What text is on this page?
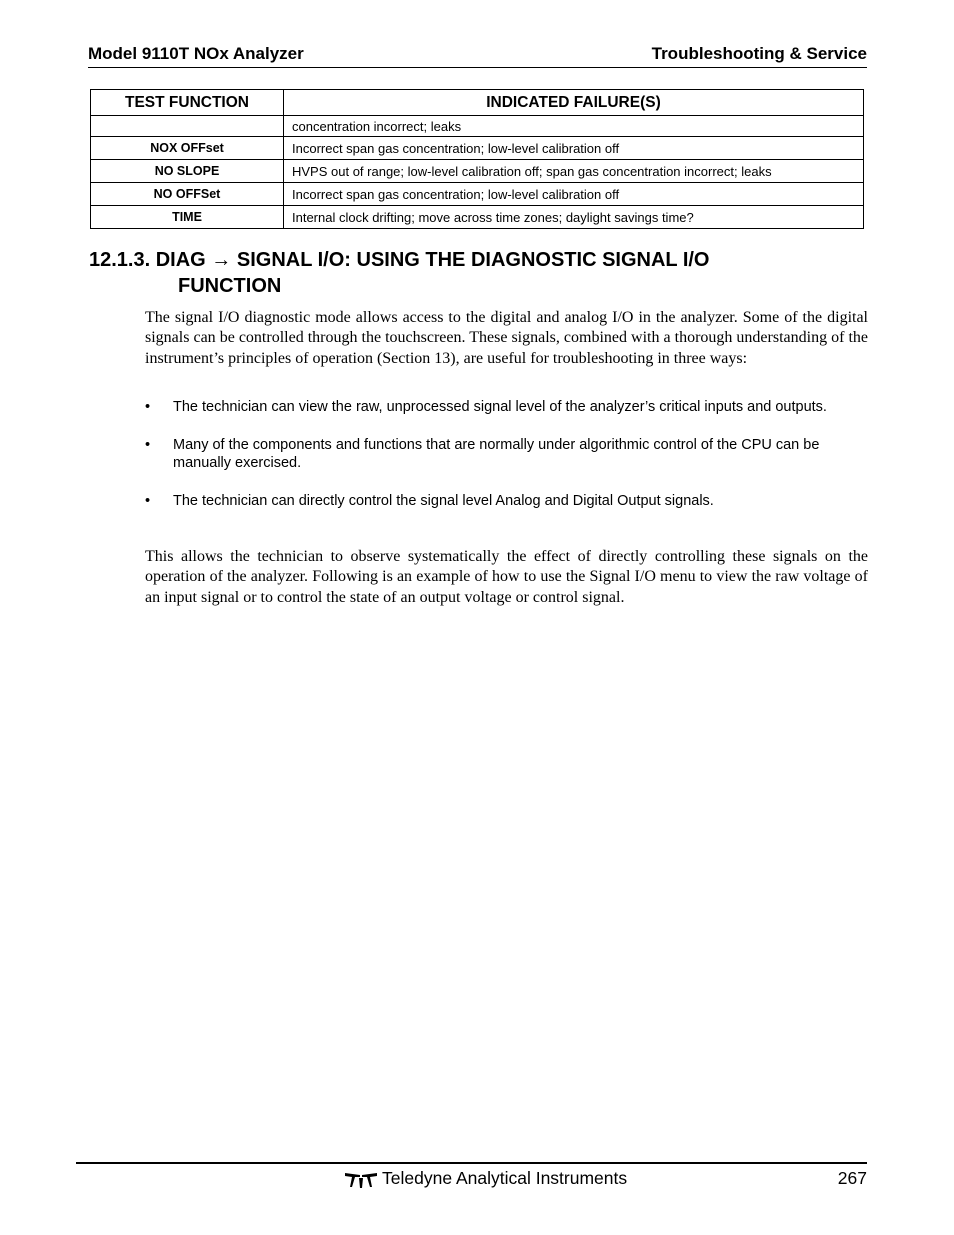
Model 9110T NOx Analyzer	Troubleshooting & Service
TEST FUNCTION	INDICATED FAILURE(S)
	concentration incorrect; leaks
NOX OFFset	Incorrect span gas concentration; low-level calibration off
NO SLOPE	HVPS out of range; low-level calibration off; span gas concentration incorrect; leaks
NO OFFSet	Incorrect span gas concentration; low-level calibration off
TIME	Internal clock drifting; move across time zones; daylight savings time?
12.1.3. DIAG → SIGNAL I/O: USING THE DIAGNOSTIC SIGNAL I/O
FUNCTION

The signal I/O diagnostic mode allows access to the digital and analog I/O in the analyzer. Some of the digital signals can be controlled through the touchscreen. These signals, combined with a thorough understanding of the instrument’s principles of operation (Section 13), are useful for troubleshooting in three ways:

• The technician can view the raw, unprocessed signal level of the analyzer’s critical inputs and outputs.
• Many of the components and functions that are normally under algorithmic control of the CPU can be manually exercised.
• The technician can directly control the signal level Analog and Digital Output signals.

This allows the technician to observe systematically the effect of directly controlling these signals on the operation of the analyzer. Following is an example of how to use the Signal I/O menu to view the raw voltage of an input signal or to control the state of an output voltage or control signal.

Teledyne Analytical Instruments	267
